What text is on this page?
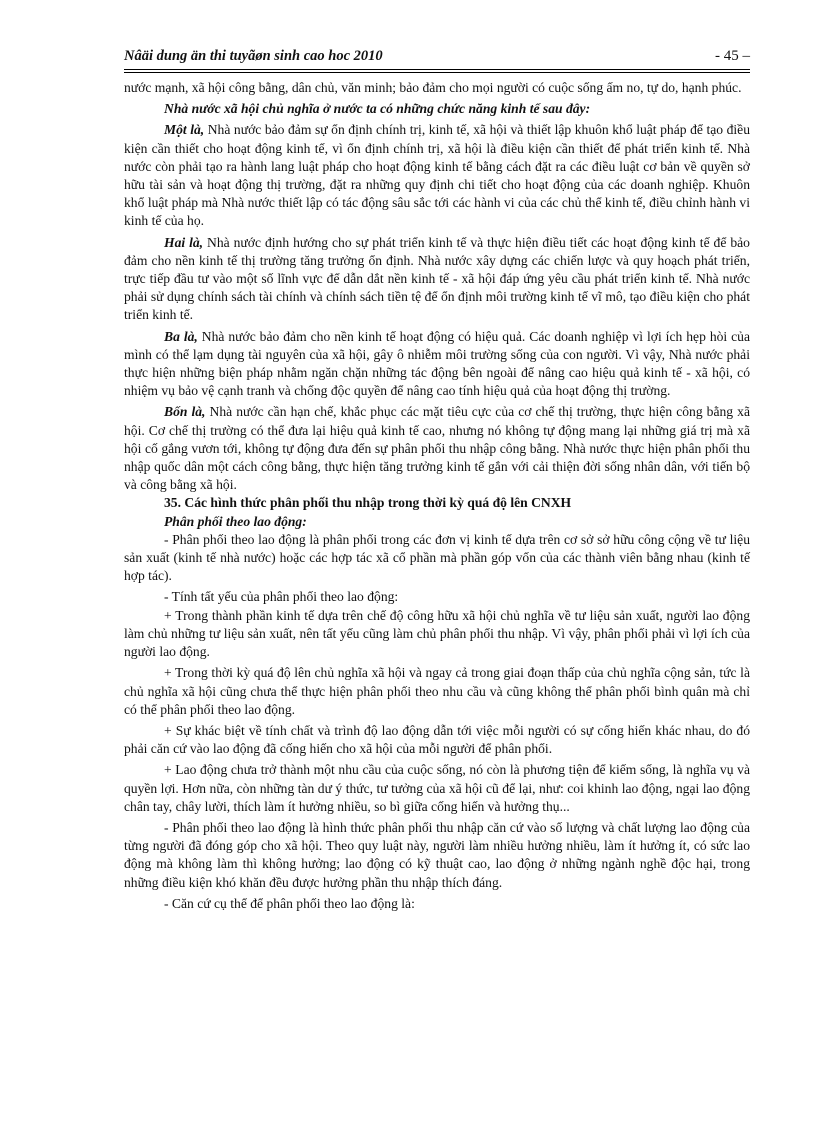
Nâäi dung än thi tuyãøn sinh cao hoc 2010	- 45 –

nước mạnh, xã hội công bằng, dân chủ, văn minh; bảo đảm cho mọi người có cuộc sống ấm no, tự do, hạnh phúc.

Nhà nước xã hội chủ nghĩa ở nước ta có những chức năng kinh tế sau đây:

Một là, Nhà nước bảo đảm sự ổn định chính trị, kinh tế, xã hội và thiết lập khuôn khổ luật pháp để tạo điều kiện cần thiết cho hoạt động kinh tế, vì ổn định chính trị, xã hội là điều kiện cần thiết để phát triển kinh tế. Nhà nước còn phải tạo ra hành lang luật pháp cho hoạt động kinh tế bằng cách đặt ra các điều luật cơ bản về quyền sở hữu tài sản và hoạt động thị trường, đặt ra những quy định chi tiết cho hoạt động của các doanh nghiệp. Khuôn khổ luật pháp mà Nhà nước thiết lập có tác động sâu sắc tới các hành vi của các chủ thể kinh tế, điều chỉnh hành vi kinh tế của họ.

Hai là, Nhà nước định hướng cho sự phát triển kinh tế và thực hiện điều tiết các hoạt động kinh tế để bảo đảm cho nền kinh tế thị trường tăng trưởng ổn định. Nhà nước xây dựng các chiến lược và quy hoạch phát triển, trực tiếp đầu tư vào một số lĩnh vực để dẫn dắt nền kinh tế - xã hội đáp ứng yêu cầu phát triển kinh tế. Nhà nước phải sử dụng chính sách tài chính và chính sách tiền tệ để ổn định môi trường kinh tế vĩ mô, tạo điều kiện cho phát triển kinh tế.

Ba là, Nhà nước bảo đảm cho nền kinh tế hoạt động có hiệu quả. Các doanh nghiệp vì lợi ích hẹp hòi của mình có thể lạm dụng tài nguyên của xã hội, gây ô nhiễm môi trường sống của con người. Vì vậy, Nhà nước phải thực hiện những biện pháp nhằm ngăn chặn những tác động bên ngoài để nâng cao hiệu quả kinh tế - xã hội, có nhiệm vụ bảo vệ cạnh tranh và chống độc quyền để nâng cao tính hiệu quả của hoạt động thị trường.

Bốn là, Nhà nước cần hạn chế, khắc phục các mặt tiêu cực của cơ chế thị trường, thực hiện công bằng xã hội. Cơ chế thị trường có thể đưa lại hiệu quả kinh tế cao, nhưng nó không tự động mang lại những giá trị mà xã hội cố gắng vươn tới, không tự động đưa đến sự phân phối thu nhập công bằng. Nhà nước thực hiện phân phối thu nhập quốc dân một cách công bằng, thực hiện tăng trưởng kinh tế gắn với cải thiện đời sống nhân dân, với tiến bộ và công bằng xã hội.

35. Các hình thức phân phối thu nhập trong thời kỳ quá độ lên CNXH

Phân phối theo lao động:

- Phân phối theo lao động là phân phối trong các đơn vị kinh tế dựa trên cơ sở sở hữu công cộng về tư liệu sản xuất (kinh tế nhà nước) hoặc các hợp tác xã cổ phần mà phần góp vốn của các thành viên bằng nhau (kinh tế hợp tác).

- Tính tất yếu của phân phối theo lao động:

+ Trong thành phần kinh tế dựa trên chế độ công hữu xã hội chủ nghĩa về tư liệu sản xuất, người lao động làm chủ những tư liệu sản xuất, nên tất yếu cũng làm chủ phân phối thu nhập. Vì vậy, phân phối phải vì lợi ích của người lao động.

+ Trong thời kỳ quá độ lên chủ nghĩa xã hội và ngay cả trong giai đoạn thấp của chủ nghĩa cộng sản, tức là chủ nghĩa xã hội cũng chưa thể thực hiện phân phối theo nhu cầu và cũng không thể phân phối bình quân mà chỉ có thể phân phối theo lao động.

+ Sự khác biệt về tính chất và trình độ lao động dẫn tới việc mỗi người có sự cống hiến khác nhau, do đó phải căn cứ vào lao động đã cống hiến cho xã hội của mỗi người để phân phối.

+ Lao động chưa trở thành một nhu cầu của cuộc sống, nó còn là phương tiện để kiếm sống, là nghĩa vụ và quyền lợi. Hơn nữa, còn những tàn dư ý thức, tư tưởng của xã hội cũ để lại, như: coi khinh lao động, ngại lao động chân tay, chây lười, thích làm ít hưởng nhiều, so bì giữa cống hiến và hưởng thụ...

- Phân phối theo lao động là hình thức phân phối thu nhập căn cứ vào số lượng và chất lượng lao động của từng người đã đóng góp cho xã hội. Theo quy luật này, người làm nhiều hưởng nhiều, làm ít hưởng ít, có sức lao động mà không làm thì không hưởng; lao động có kỹ thuật cao, lao động ở những ngành nghề độc hại, trong những điều kiện khó khăn đều được hưởng phần thu nhập thích đáng.

- Căn cứ cụ thể để phân phối theo lao động là:
